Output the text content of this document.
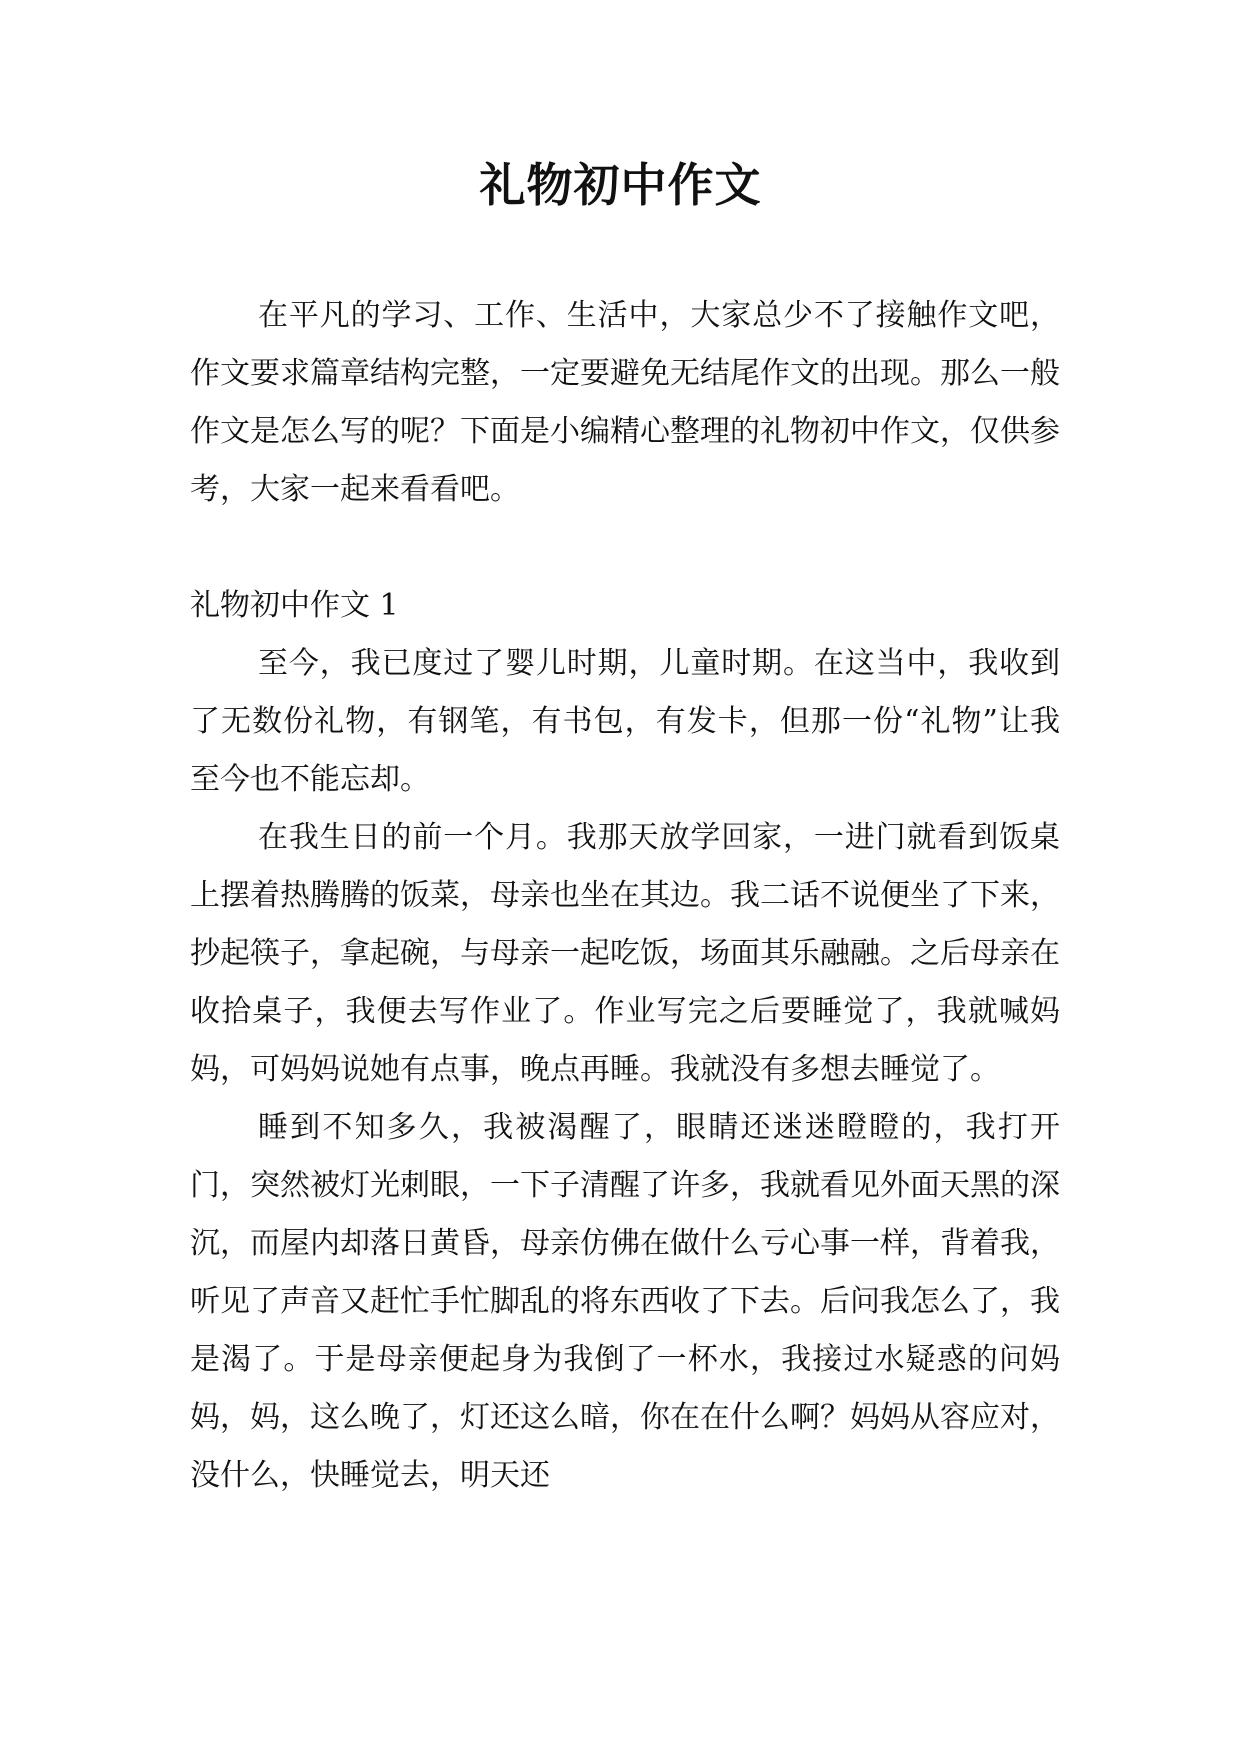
礼物初中作文

在平凡的学习、工作、生活中，大家总少不了接触作文吧，作文要求篇章结构完整，一定要避免无结尾作文的出现。那么一般作文是怎么写的呢？下面是小编精心整理的礼物初中作文，仅供参考，大家一起来看看吧。

礼物初中作文 1

至今，我已度过了婴儿时期，儿童时期。在这当中，我收到了无数份礼物，有钢笔，有书包，有发卡，但那一份“礼物”让我至今也不能忘却。

在我生日的前一个月。我那天放学回家，一进门就看到饭桌上摆着热腾腾的饭菜，母亲也坐在其边。我二话不说便坐了下来，抄起筷子，拿起碗，与母亲一起吃饭，场面其乐融融。之后母亲在收拾桌子，我便去写作业了。作业写完之后要睡觉了，我就喊妈妈，可妈妈说她有点事，晚点再睡。我就没有多想去睡觉了。

睡到不知多久，我被渴醒了，眼睛还迷迷瞪瞪的，我打开门，突然被灯光刺眼，一下子清醒了许多，我就看见外面天黑的深沉，而屋内却落日黄昏，母亲仿佛在做什么亏心事一样，背着我，听见了声音又赶忙手忙脚乱的将东西收了下去。后问我怎么了，我是渴了。于是母亲便起身为我倒了一杯水，我接过水疑惑的问妈妈，妈，这么晚了，灯还这么暗，你在在什么啊？妈妈从容应对，没什么，快睡觉去，明天还
